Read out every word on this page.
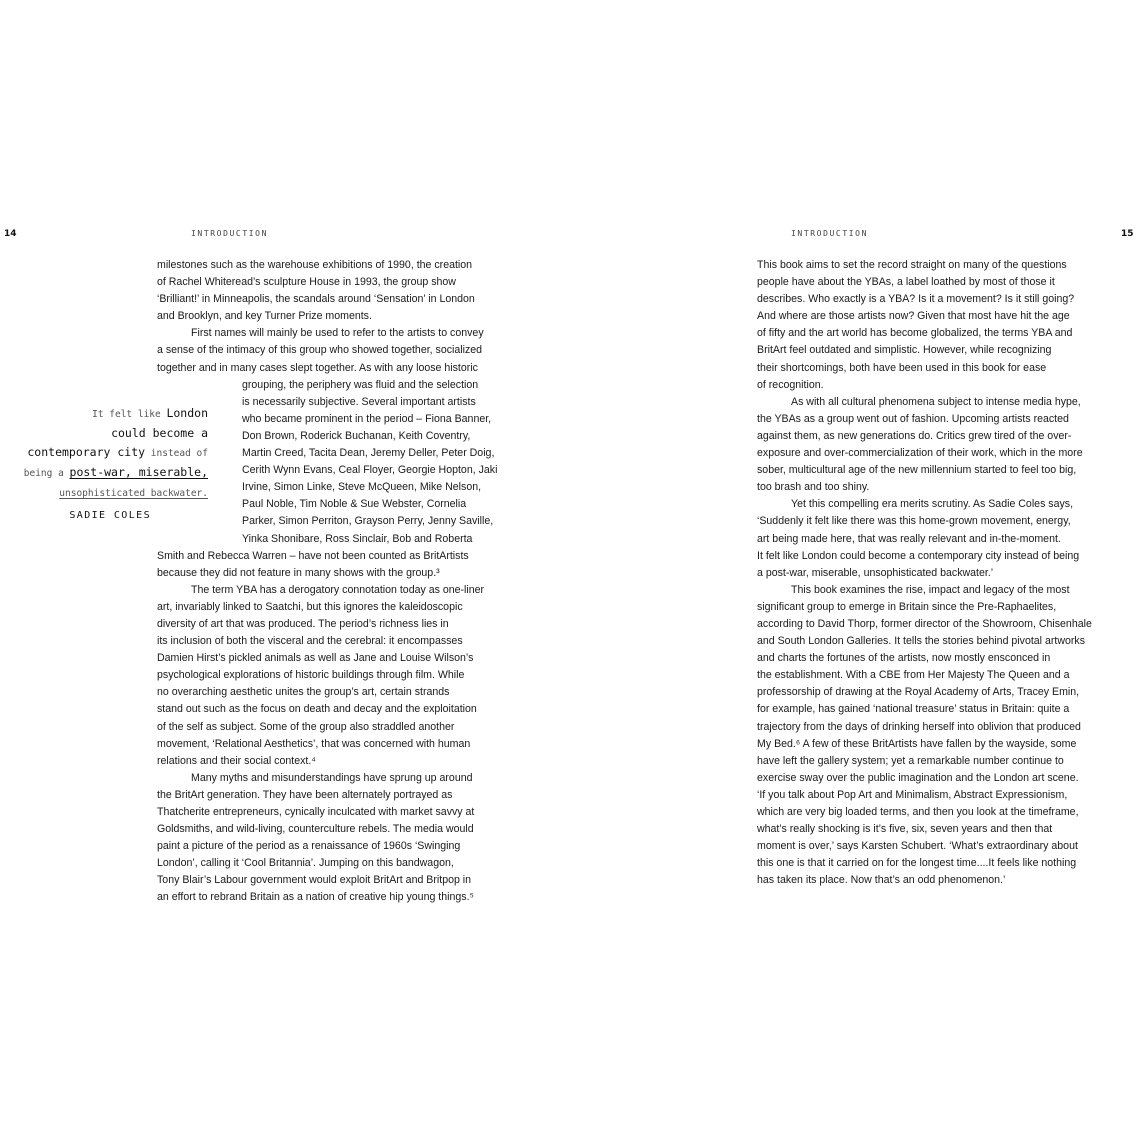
14	INTRODUCTION
milestones such as the warehouse exhibitions of 1990, the creation
of Rachel Whiteread’s sculpture House in 1993, the group show
‘Brilliant!’ in Minneapolis, the scandals around ‘Sensation’ in London
and Brooklyn, and key Turner Prize moments.
First names will mainly be used to refer to the artists to convey
a sense of the intimacy of this group who showed together, socialized
together and in many cases slept together. As with any loose historic
grouping, the periphery was fluid and the selection
is necessarily subjective. Several important artists
who became prominent in the period – Fiona Banner,
Don Brown, Roderick Buchanan, Keith Coventry,
Martin Creed, Tacita Dean, Jeremy Deller, Peter Doig,
Cerith Wynn Evans, Ceal Floyer, Georgie Hopton, Jaki
Irvine, Simon Linke, Steve McQueen, Mike Nelson,
Paul Noble, Tim Noble & Sue Webster, Cornelia
Parker, Simon Perriton, Grayson Perry, Jenny Saville,
Yinka Shonibare, Ross Sinclair, Bob and Roberta
Smith and Rebecca Warren – have not been counted as BritArtists
because they did not feature in many shows with the group.³
The term YBA has a derogatory connotation today as one-liner
art, invariably linked to Saatchi, but this ignores the kaleidoscopic
diversity of art that was produced. The period’s richness lies in
its inclusion of both the visceral and the cerebral: it encompasses
Damien Hirst’s pickled animals as well as Jane and Louise Wilson’s
psychological explorations of historic buildings through film. While
no overarching aesthetic unites the group’s art, certain strands
stand out such as the focus on death and decay and the exploitation
of the self as subject. Some of the group also straddled another
movement, ‘Relational Aesthetics’, that was concerned with human
relations and their social context.⁴
Many myths and misunderstandings have sprung up around
the BritArt generation. They have been alternately portrayed as
Thatcherite entrepreneurs, cynically inculcated with market savvy at
Goldsmiths, and wild-living, counterculture rebels. The media would
paint a picture of the period as a renaissance of 1960s ‘Swinging
London’, calling it ‘Cool Britannia’. Jumping on this bandwagon,
Tony Blair’s Labour government would exploit BritArt and Britpop in
an effort to rebrand Britain as a nation of creative hip young things.⁵
It felt like London
could become a
contemporary city instead of
being a post-war, miserable,
unsophisticated backwater.
SADIE COLES
INTRODUCTION	15
This book aims to set the record straight on many of the questions
people have about the YBAs, a label loathed by most of those it
describes. Who exactly is a YBA? Is it a movement? Is it still going?
And where are those artists now? Given that most have hit the age
of fifty and the art world has become globalized, the terms YBA and
BritArt feel outdated and simplistic. However, while recognizing
their shortcomings, both have been used in this book for ease
of recognition.
As with all cultural phenomena subject to intense media hype,
the YBAs as a group went out of fashion. Upcoming artists reacted
against them, as new generations do. Critics grew tired of the over-
exposure and over-commercialization of their work, which in the more
sober, multicultural age of the new millennium started to feel too big,
too brash and too shiny.
Yet this compelling era merits scrutiny. As Sadie Coles says,
‘Suddenly it felt like there was this home-grown movement, energy,
art being made here, that was really relevant and in-the-moment.
It felt like London could become a contemporary city instead of being
a post-war, miserable, unsophisticated backwater.’
This book examines the rise, impact and legacy of the most
significant group to emerge in Britain since the Pre-Raphaelites,
according to David Thorp, former director of the Showroom, Chisenhale
and South London Galleries. It tells the stories behind pivotal artworks
and charts the fortunes of the artists, now mostly ensconced in
the establishment. With a CBE from Her Majesty The Queen and a
professorship of drawing at the Royal Academy of Arts, Tracey Emin,
for example, has gained ‘national treasure’ status in Britain: quite a
trajectory from the days of drinking herself into oblivion that produced
My Bed.⁶ A few of these BritArtists have fallen by the wayside, some
have left the gallery system; yet a remarkable number continue to
exercise sway over the public imagination and the London art scene.
‘If you talk about Pop Art and Minimalism, Abstract Expressionism,
which are very big loaded terms, and then you look at the timeframe,
what’s really shocking is it’s five, six, seven years and then that
moment is over,’ says Karsten Schubert. ‘What’s extraordinary about
this one is that it carried on for the longest time....It feels like nothing
has taken its place. Now that’s an odd phenomenon.’
